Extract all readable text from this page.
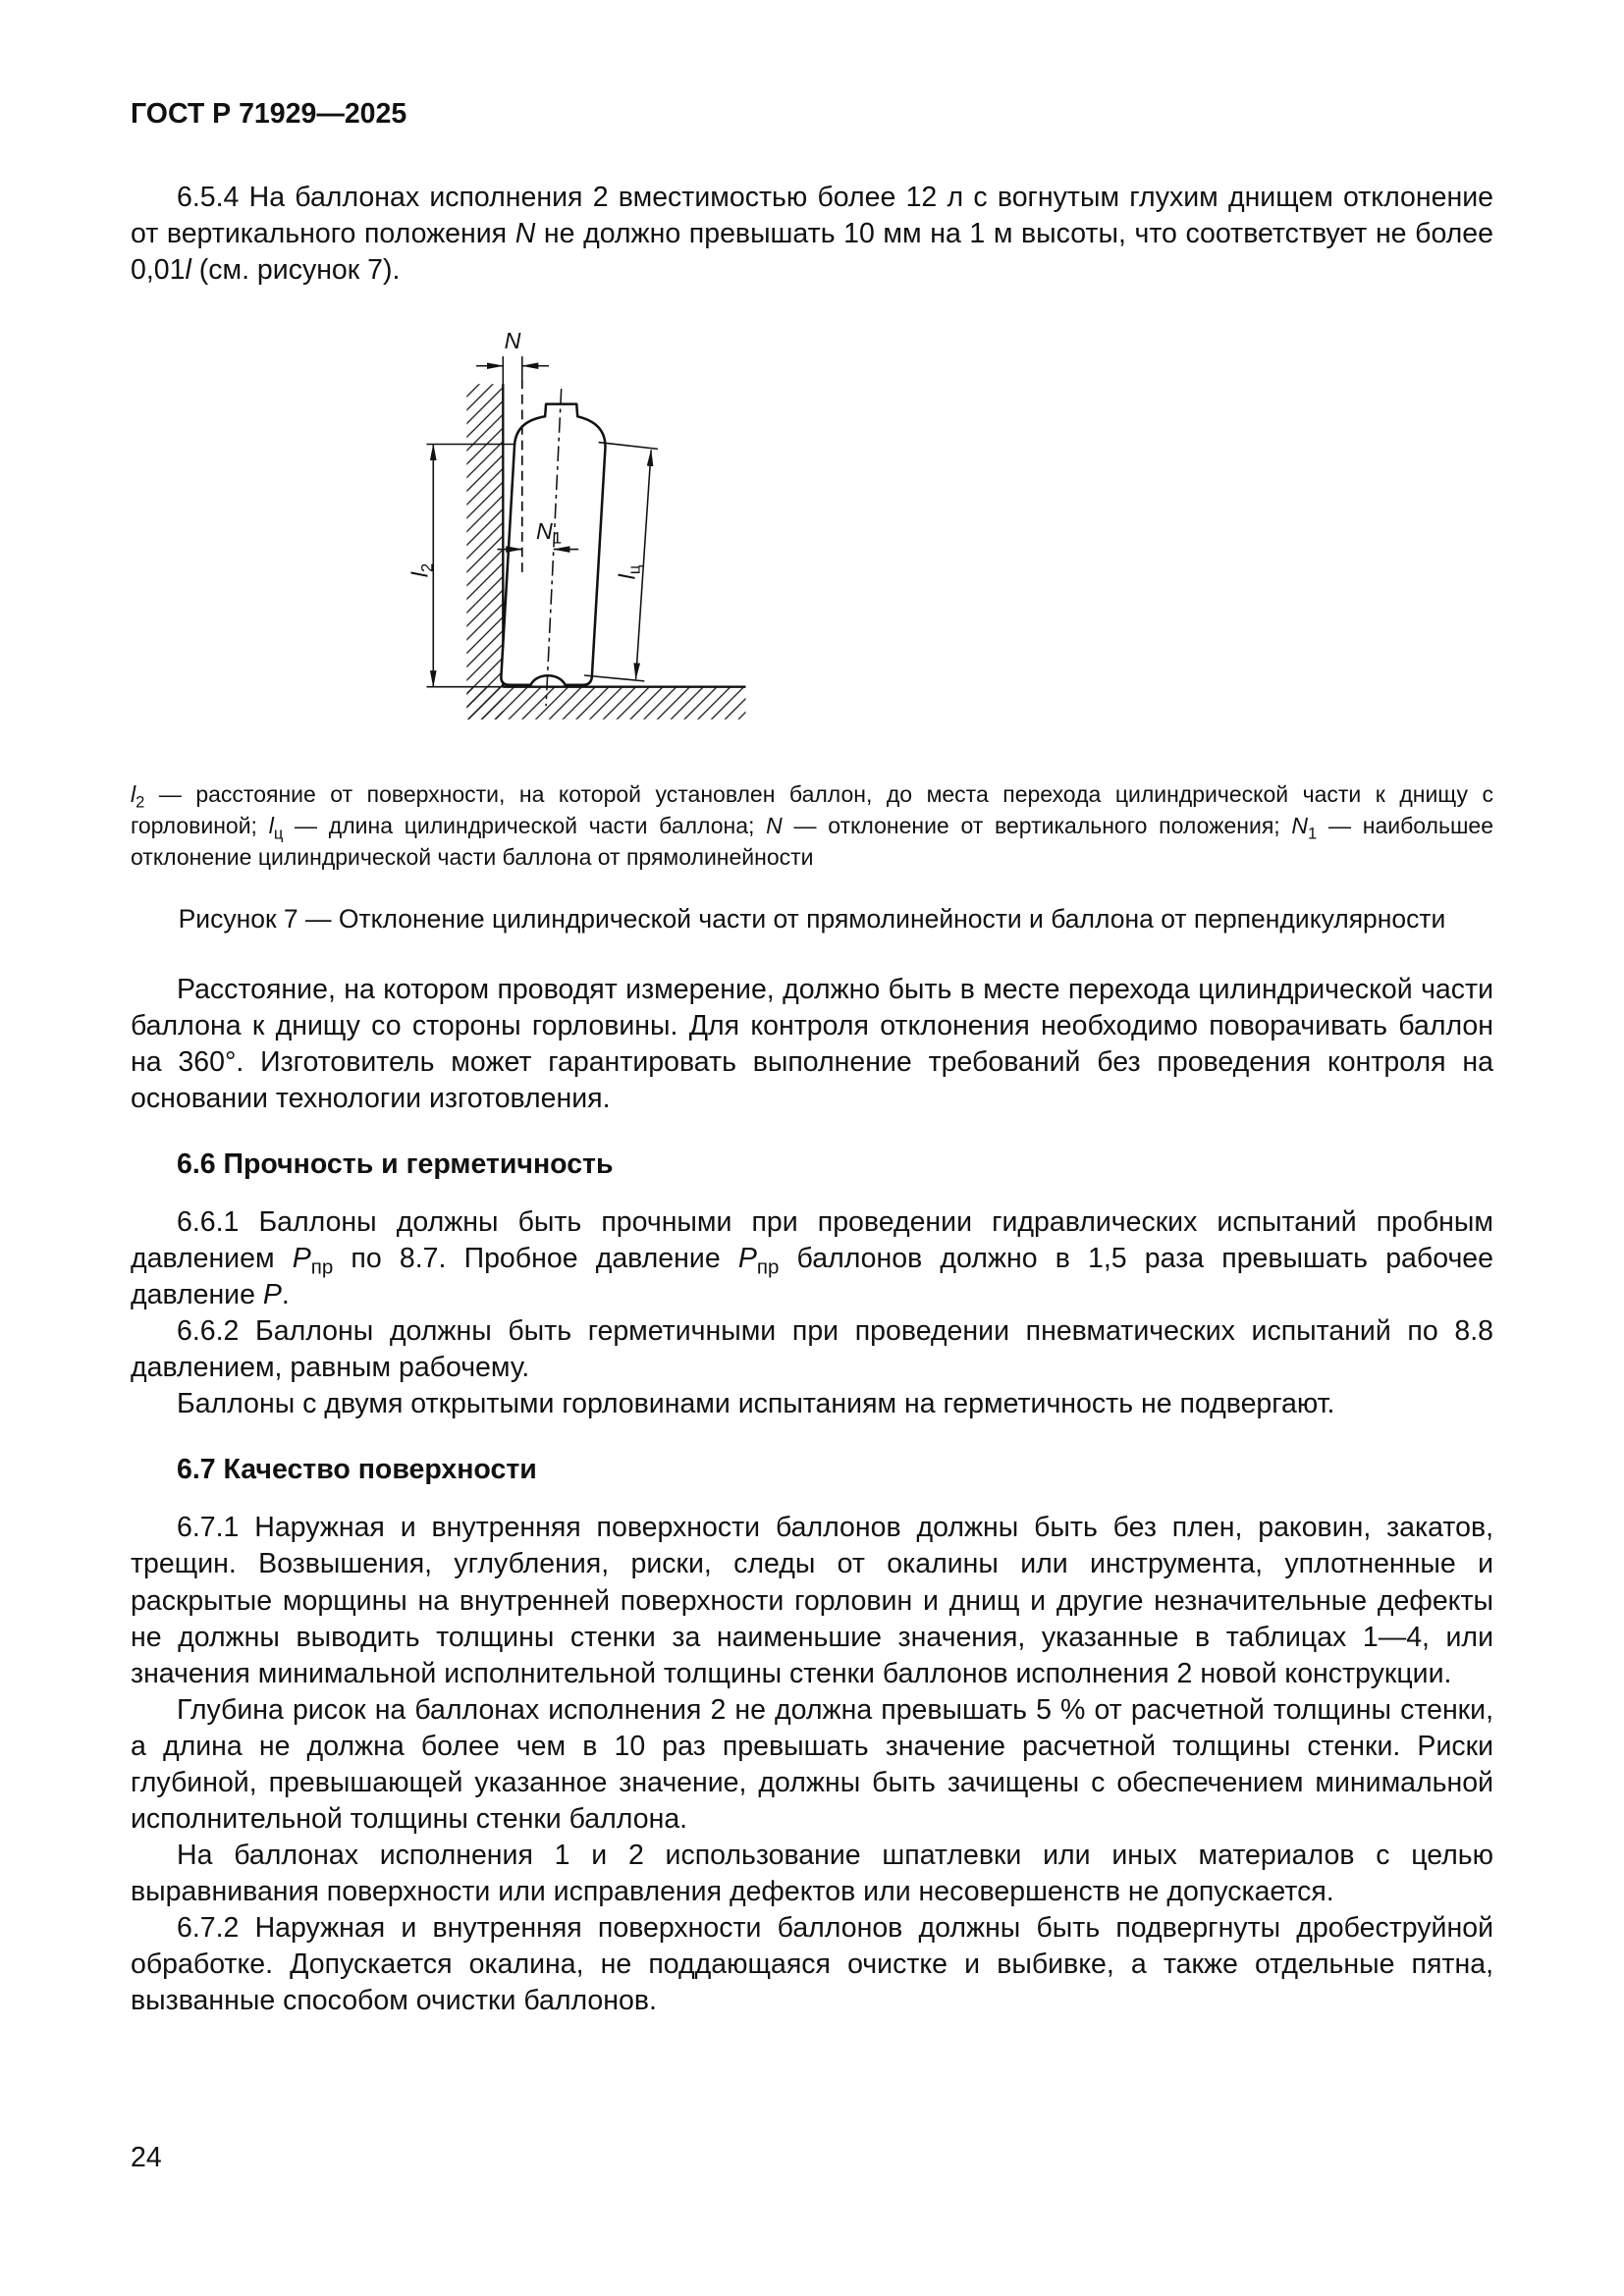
ГОСТ Р 71929—2025

6.5.4 На баллонах исполнения 2 вместимостью более 12 л с вогнутым глухим днищем отклонение от вертикального положения N не должно превышать 10 мм на 1 м высоты, что соответствует не более 0,01l (см. рисунок 7).

N
$N_1$
$l_2$
$l_ц$
$l_2$ — расстояние от поверхности, на которой установлен баллон, до места перехода цилиндрической части к днищу с горловиной; $l_ц$ — длина цилиндрической части баллона; N — отклонение от вертикального положения; $N_1$ — наибольшее отклонение цилиндрической части баллона от прямолинейности
Рисунок 7 — Отклонение цилиндрической части от прямолинейности и баллона от перпендикулярности

Расстояние, на котором проводят измерение, должно быть в месте перехода цилиндрической части баллона к днищу со стороны горловины. Для контроля отклонения необходимо поворачивать баллон на 360°. Изготовитель может гарантировать выполнение требований без проведения контроля на основании технологии изготовления.

6.6 Прочность и герметичность

6.6.1 Баллоны должны быть прочными при проведении гидравлических испытаний пробным давлением $P_{пр}$ по 8.7. Пробное давление $P_{пр}$ баллонов должно в 1,5 раза превышать рабочее давление P.

6.6.2 Баллоны должны быть герметичными при проведении пневматических испытаний по 8.8 давлением, равным рабочему.

Баллоны с двумя открытыми горловинами испытаниям на герметичность не подвергают.

6.7 Качество поверхности

6.7.1 Наружная и внутренняя поверхности баллонов должны быть без плен, раковин, закатов, трещин. Возвышения, углубления, риски, следы от окалины или инструмента, уплотненные и раскрытые морщины на внутренней поверхности горловин и днищ и другие незначительные дефекты не должны выводить толщины стенки за наименьшие значения, указанные в таблицах 1—4, или значения минимальной исполнительной толщины стенки баллонов исполнения 2 новой конструкции.

Глубина рисок на баллонах исполнения 2 не должна превышать 5 % от расчетной толщины стенки, а длина не должна более чем в 10 раз превышать значение расчетной толщины стенки. Риски глубиной, превышающей указанное значение, должны быть зачищены с обеспечением минимальной исполнительной толщины стенки баллона.

На баллонах исполнения 1 и 2 использование шпатлевки или иных материалов с целью выравнивания поверхности или исправления дефектов или несовершенств не допускается.

6.7.2 Наружная и внутренняя поверхности баллонов должны быть подвергнуты дробеструйной обработке. Допускается окалина, не поддающаяся очистке и выбивке, а также отдельные пятна, вызванные способом очистки баллонов.

24
